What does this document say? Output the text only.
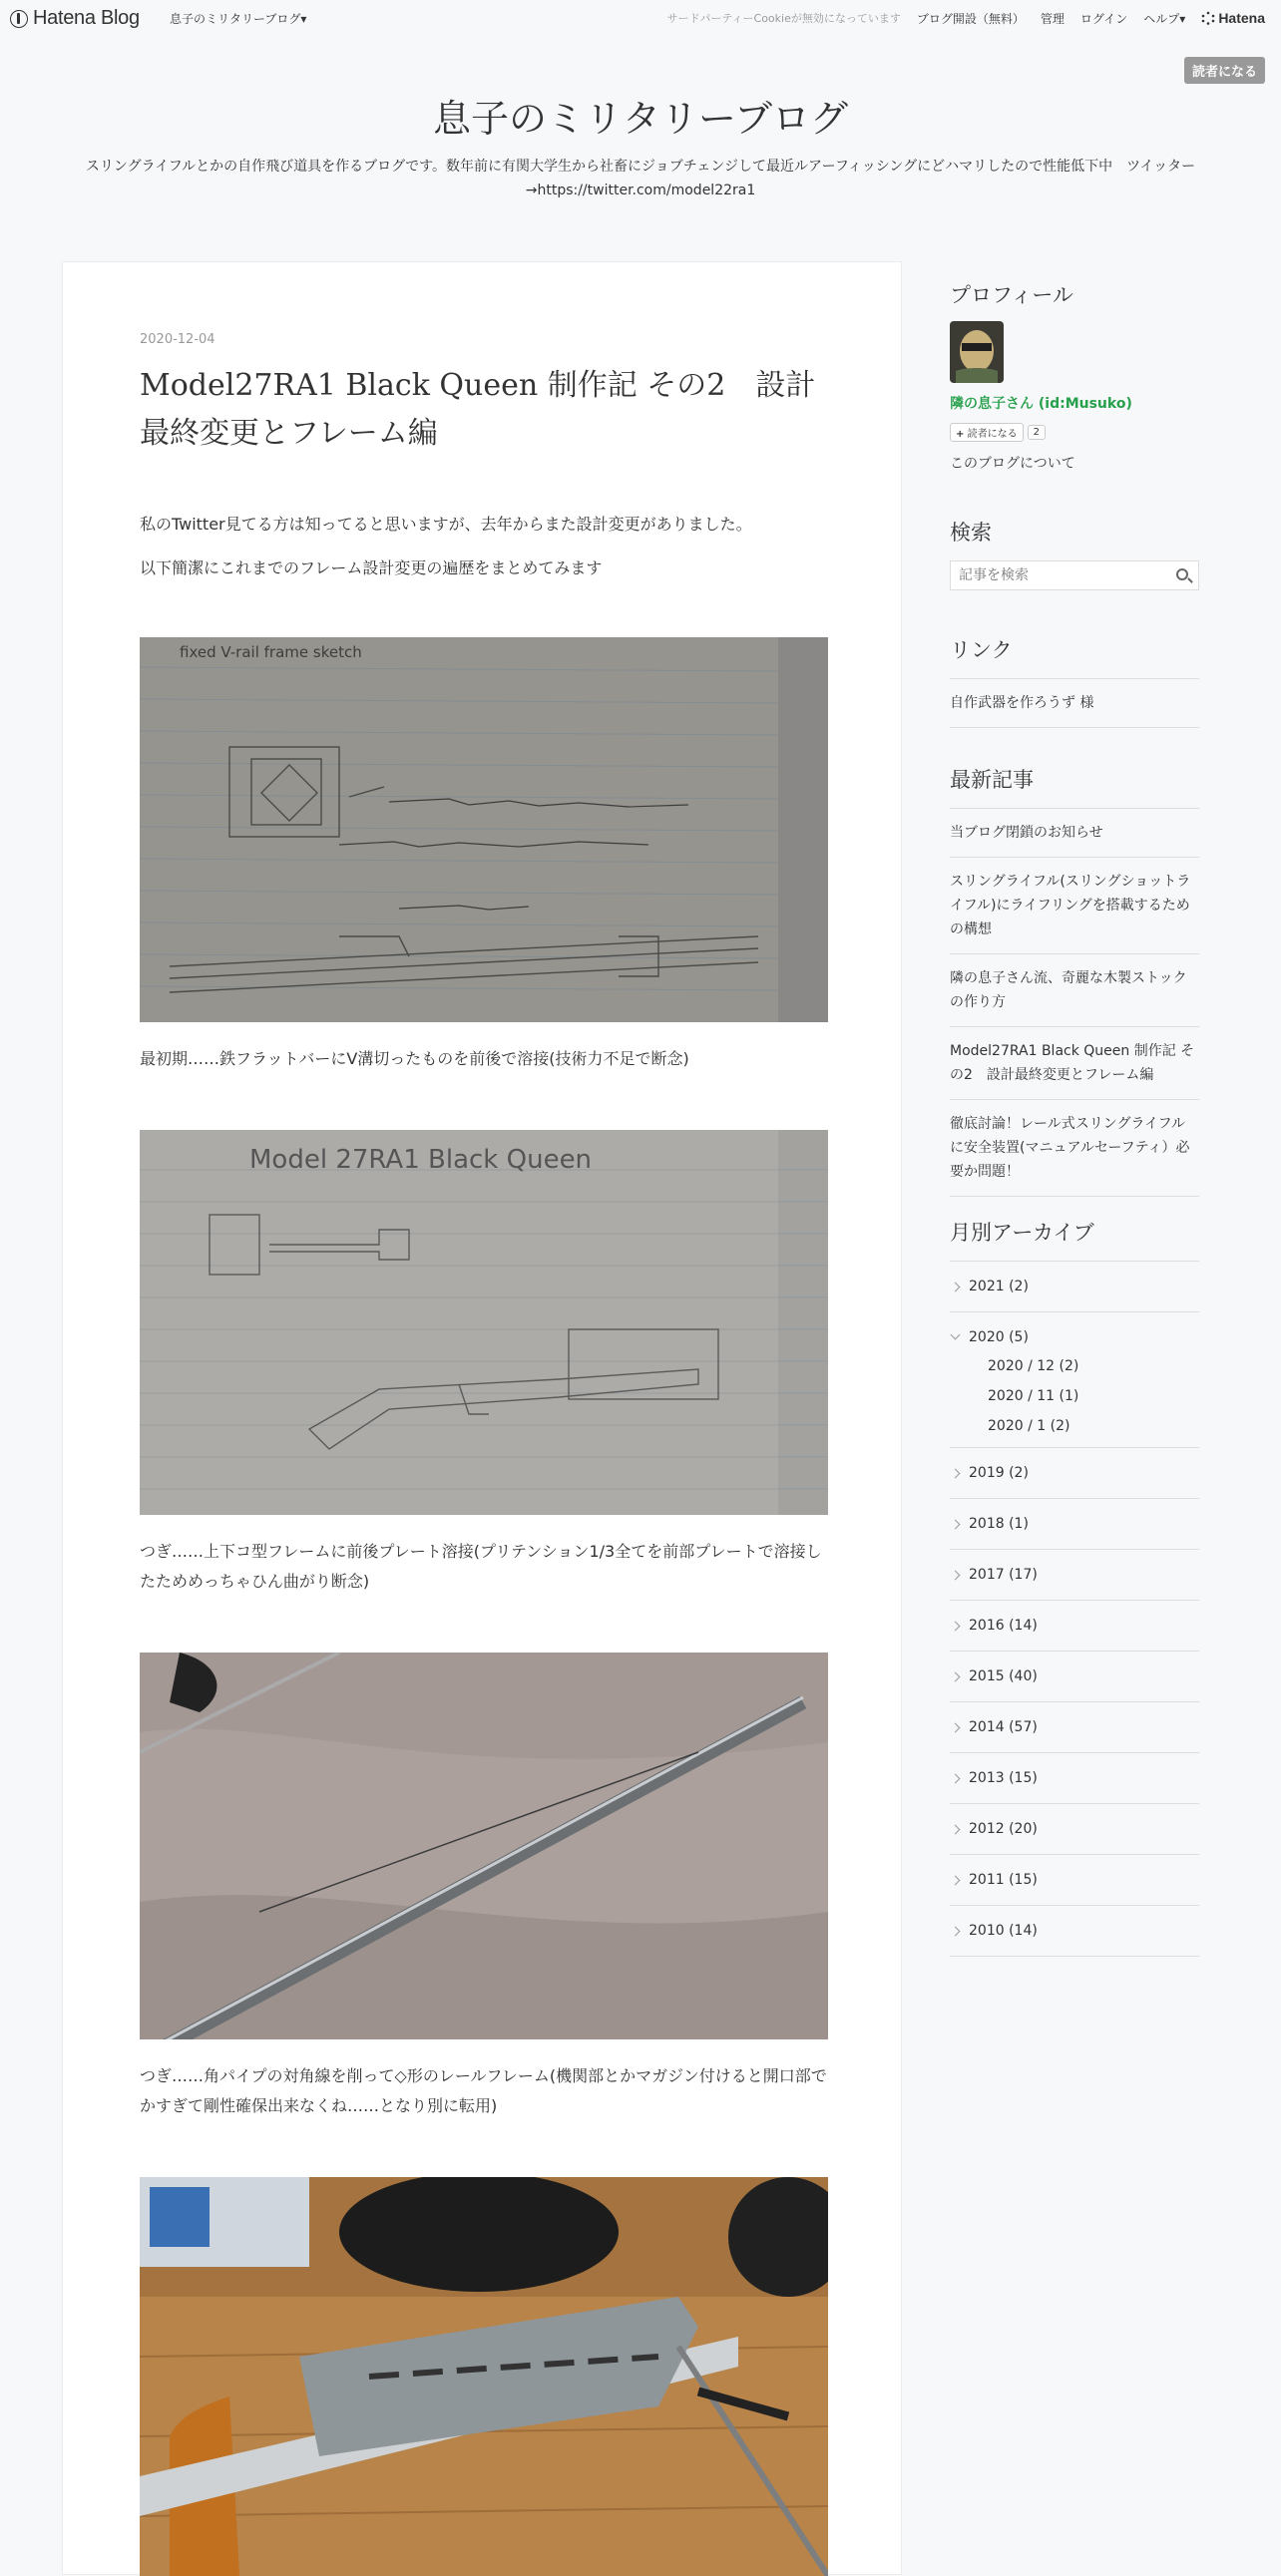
Hatena Blog	息子のミリタリーブログ▾	サードパーティーCookieが無効になっています ブログ開設（無料） 管理 ログイン ヘルプ▾	Hatena
読者になる
息子のミリタリーブログ
スリングライフルとかの自作飛び道具を作るブログです。数年前に有関大学生から社畜にジョブチェンジして最近ルアーフィッシングにどハマリしたので性能低下中　ツイッター→https://twitter.com/model22ra1
2020-12-04
Model27RA1 Black Queen 制作記 その2　設計最終変更とフレーム編
私のTwitter見てる方は知ってると思いますが、去年からまた設計変更がありました。
以下簡潔にこれまでのフレーム設計変更の遍歴をまとめてみます
fixed V-rail frame sketch
最初期……鉄フラットバーにV溝切ったものを前後で溶接(技術力不足で断念)
Model 27RA1 Black Queen
つぎ……上下コ型フレームに前後プレート溶接(プリテンション1/3全てを前部プレートで溶接したためめっちゃひん曲がり断念)
つぎ……角パイプの対角線を削って◇形のレールフレーム(機関部とかマガジン付けると開口部でかすぎて剛性確保出来なくね……となり別に転用)
プロフィール
隣の息子さん (id:Musuko)
+ 読者になる	2
このブログについて
検索
記事を検索
リンク
自作武器を作ろうず 様
最新記事
当ブログ閉鎖のお知らせ
スリングライフル(スリングショットライフル)にライフリングを搭載するための構想
隣の息子さん流、奇麗な木製ストックの作り方
Model27RA1 Black Queen 制作記 その2　設計最終変更とフレーム編
徹底討論！レール式スリングライフルに安全装置(マニュアルセーフティ）必要か問題！
月別アーカイブ
2021 (2)
2020 (5)
2020 / 12 (2)
2020 / 11 (1)
2020 / 1 (2)
2019 (2)
2018 (1)
2017 (17)
2016 (14)
2015 (40)
2014 (57)
2013 (15)
2012 (20)
2011 (15)
2010 (14)
